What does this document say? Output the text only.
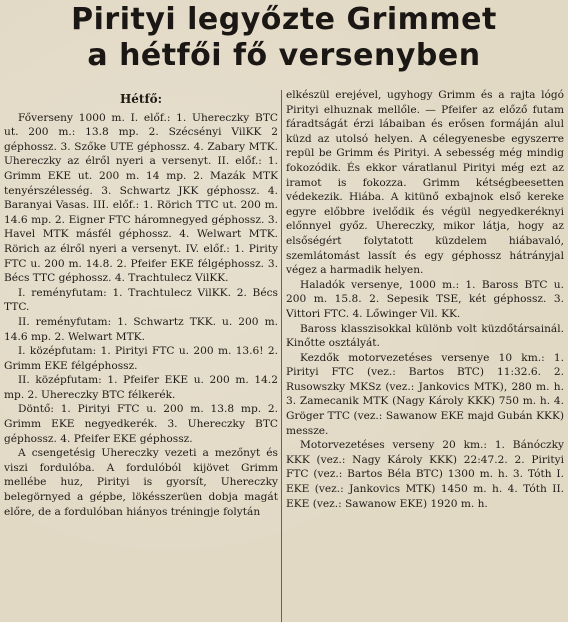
Pirityi legyőzte Grimmet
a hétfői fő versenyben
Hétfő:

Főverseny 1000 m. I. előf.: 1. Uhereczky BTC ut. 200 m.: 13.8 mp. 2. Szécsényi VilKK 2 géphossz. 3. Szőke UTE géphossz. 4. Zabary MTK. Uhereczky az élről nyeri a versenyt. II. előf.: 1. Grimm EKE ut. 200 m. 14 mp. 2. Mazák MTK tenyérszélesség. 3. Schwartz JKK géphossz. 4. Baranyai Vasas. III. előf.: 1. Rörich TTC ut. 200 m. 14.6 mp. 2. Eigner FTC háromnegyed géphossz. 3. Havel MTK másfél géphossz. 4. Welwart MTK. Rörich az élről nyeri a versenyt. IV. előf.: 1. Pirity FTC u. 200 m. 14.8. 2. Pfeifer EKE félgéphossz. 3. Bécs TTC géphossz. 4. Trachtulecz VilKK.

I. reményfutam: 1. Trachtulecz VilKK. 2. Bécs TTC.

II. reményfutam: 1. Schwartz TKK. u. 200 m. 14.6 mp. 2. Welwart MTK.

I. középfutam: 1. Pirityi FTC u. 200 m. 13.6! 2. Grimm EKE félgéphossz.

II. középfutam: 1. Pfeifer EKE u. 200 m. 14.2 mp. 2. Uhereczky BTC félkerék.

Döntő: 1. Pirityi FTC u. 200 m. 13.8 mp. 2. Grimm EKE negyedkerék. 3. Uhereczky BTC géphossz. 4. Pfeifer EKE géphossz.

A csengetésig Uhereczky vezeti a mezőnyt és viszi fordulóba. A fordulóból kijövet Grimm mellébe huz, Pirityi is gyorsít, Uhereczky belegörnyed a gépbe, lökésszerüen dobja magát előre, de a fordulóban hiányos tréningje folytán

elkészül erejével, ugyhogy Grimm és a rajta lógó Pirityi elhuznak mellőle. — Pfeifer az előző futam fáradtságát érzi lábaiban és erősen formáján alul küzd az utolsó helyen. A célegyenesbe egyszerre repül be Grimm és Pirityi. A sebesség még mindig fokozódik. És ekkor váratlanul Pirityi még ezt az iramot is fokozza. Grimm kétségbeesetten védekezik. Hiába. A kitünő exbajnok első kereke egyre előbbre ivelődik és végül negyedkeréknyi előnnyel győz. Uhereczky, mikor látja, hogy az elsőségért folytatott küzdelem hiábavaló, szemlátomást lassít és egy géphossz hátrányjal végez a harmadik helyen.

Haladók versenye, 1000 m.: 1. Baross BTC u. 200 m. 15.8. 2. Sepesik TSE, két géphossz. 3. Vittori FTC. 4. Lőwinger Vil. KK.

Baross klasszisokkal különb volt küzdőtársainál. Kinőtte osztályát.

Kezdők motorvezetéses versenye 10 km.: 1. Pirityi FTC (vez.: Bartos BTC) 11:32.6. 2. Rusowszky MKSz (vez.: Jankovics MTK), 280 m. h. 3. Zamecanik MTK (Nagy Károly KKK) 750 m. h. 4. Gröger TTC (vez.: Sawanow EKE majd Gubán KKK) messze.

Motorvezetéses verseny 20 km.: 1. Bánóczky KKK (vez.: Nagy Károly KKK) 22:47.2. 2. Pirityi FTC (vez.: Bartos Béla BTC) 1300 m. h. 3. Tóth I. EKE (vez.: Jankovics MTK) 1450 m. h. 4. Tóth II. EKE (vez.: Sawanow EKE) 1920 m. h.
